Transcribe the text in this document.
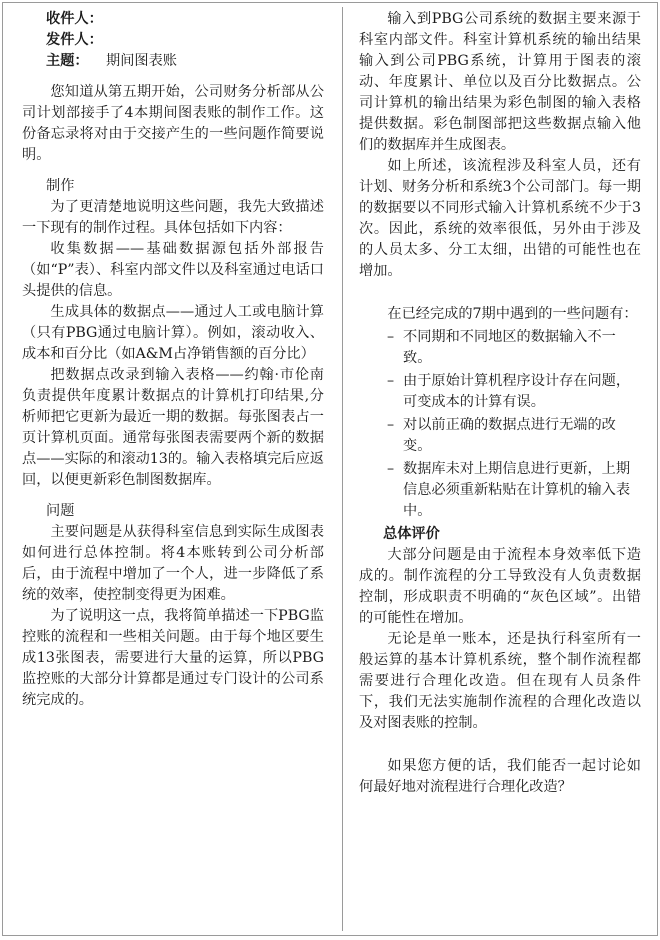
收件人：
发件人：
主题： 期间图表账

您知道从第五期开始，公司财务分析部从公司计划部接手了4本期间图表账的制作工作。这份备忘录将对由于交接产生的一些问题作简要说明。

制作

为了更清楚地说明这些问题，我先大致描述一下现有的制作过程。具体包括如下内容：

收集数据——基础数据源包括外部报告（如“P”表）、科室内部文件以及科室通过电话口头提供的信息。

生成具体的数据点——通过人工或电脑计算（只有PBG通过电脑计算）。例如，滚动收入、成本和百分比（如A&M占净销售额的百分比）

把数据点改录到输入表格——约翰·市伦南负责提供年度累计数据点的计算机打印结果,分析师把它更新为最近一期的数据。每张图表占一页计算机页面。通常每张图表需要两个新的数据点——实际的和滚动13的。输入表格填完后应返回，以便更新彩色制图数据库。

问题

主要问题是从获得科室信息到实际生成图表如何进行总体控制。将4本账转到公司分析部后，由于流程中增加了一个人，进一步降低了系统的效率，使控制变得更为困难。

为了说明这一点，我将简单描述一下PBG监控账的流程和一些相关问题。由于每个地区要生成13张图表，需要进行大量的运算，所以PBG监控账的大部分计算都是通过专门设计的公司系统完成的。

输入到PBG公司系统的数据主要来源于科室内部文件。科室计算机系统的输出结果输入到公司PBG系统，计算用于图表的滚动、年度累计、单位以及百分比数据点。公司计算机的输出结果为彩色制图的输入表格提供数据。彩色制图部把这些数据点输入他们的数据库并生成图表。

如上所述，该流程涉及科室人员，还有计划、财务分析和系统3个公司部门。每一期的数据要以不同形式输入计算机系统不少于3次。因此，系统的效率很低，另外由于涉及的人员太多、分工太细，出错的可能性也在增加。

在已经完成的7期中遇到的一些问题有：

– 不同期和不同地区的数据输入不一致。
– 由于原始计算机程序设计存在问题，可变成本的计算有误。
– 对以前正确的数据点进行无端的改变。
– 数据库未对上期信息进行更新，上期信息必须重新粘贴在计算机的输入表中。

总体评价

大部分问题是由于流程本身效率低下造成的。制作流程的分工导致没有人负责数据控制，形成职责不明确的“灰色区域”。出错的可能性在增加。

无论是单一账本，还是执行科室所有一般运算的基本计算机系统，整个制作流程都需要进行合理化改造。但在现有人员条件下，我们无法实施制作流程的合理化改造以及对图表账的控制。

如果您方便的话，我们能否一起讨论如何最好地对流程进行合理化改造？
